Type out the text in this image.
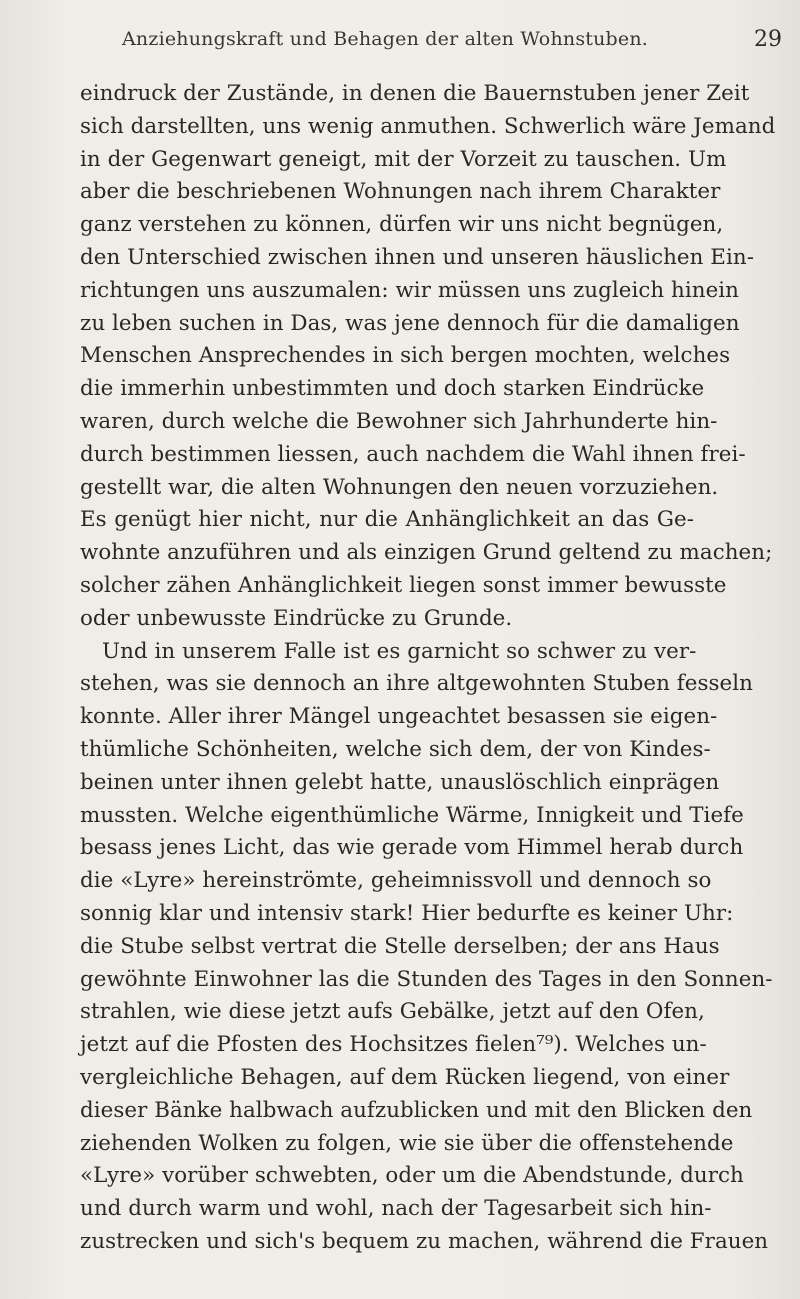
Anziehungskraft und Behagen der alten Wohnstuben.	29
eindruck der Zustände, in denen die Bauernstuben jener Zeit
sich darstellten, uns wenig anmuthen. Schwerlich wäre Jemand
in der Gegenwart geneigt, mit der Vorzeit zu tauschen. Um
aber die beschriebenen Wohnungen nach ihrem Charakter
ganz verstehen zu können, dürfen wir uns nicht begnügen,
den Unterschied zwischen ihnen und unseren häuslichen Ein-
richtungen uns auszumalen: wir müssen uns zugleich hinein
zu leben suchen in Das, was jene dennoch für die damaligen
Menschen Ansprechendes in sich bergen mochten, welches
die immerhin unbestimmten und doch starken Eindrücke
waren, durch welche die Bewohner sich Jahrhunderte hin-
durch bestimmen liessen, auch nachdem die Wahl ihnen frei-
gestellt war, die alten Wohnungen den neuen vorzuziehen.
Es genügt hier nicht, nur die Anhänglichkeit an das Ge-
wohnte anzuführen und als einzigen Grund geltend zu machen;
solcher zähen Anhänglichkeit liegen sonst immer bewusste
oder unbewusste Eindrücke zu Grunde.
Und in unserem Falle ist es garnicht so schwer zu ver-
stehen, was sie dennoch an ihre altgewohnten Stuben fesseln
konnte. Aller ihrer Mängel ungeachtet besassen sie eigen-
thümliche Schönheiten, welche sich dem, der von Kindes-
beinen unter ihnen gelebt hatte, unauslöschlich einprägen
mussten. Welche eigenthümliche Wärme, Innigkeit und Tiefe
besass jenes Licht, das wie gerade vom Himmel herab durch
die «Lyre» hereinströmte, geheimnissvoll und dennoch so
sonnig klar und intensiv stark! Hier bedurfte es keiner Uhr:
die Stube selbst vertrat die Stelle derselben; der ans Haus
gewöhnte Einwohner las die Stunden des Tages in den Sonnen-
strahlen, wie diese jetzt aufs Gebälke, jetzt auf den Ofen,
jetzt auf die Pfosten des Hochsitzes fielen⁷⁹). Welches un-
vergleichliche Behagen, auf dem Rücken liegend, von einer
dieser Bänke halbwach aufzublicken und mit den Blicken den
ziehenden Wolken zu folgen, wie sie über die offenstehende
«Lyre» vorüber schwebten, oder um die Abendstunde, durch
und durch warm und wohl, nach der Tagesarbeit sich hin-
zustrecken und sich's bequem zu machen, während die Frauen
